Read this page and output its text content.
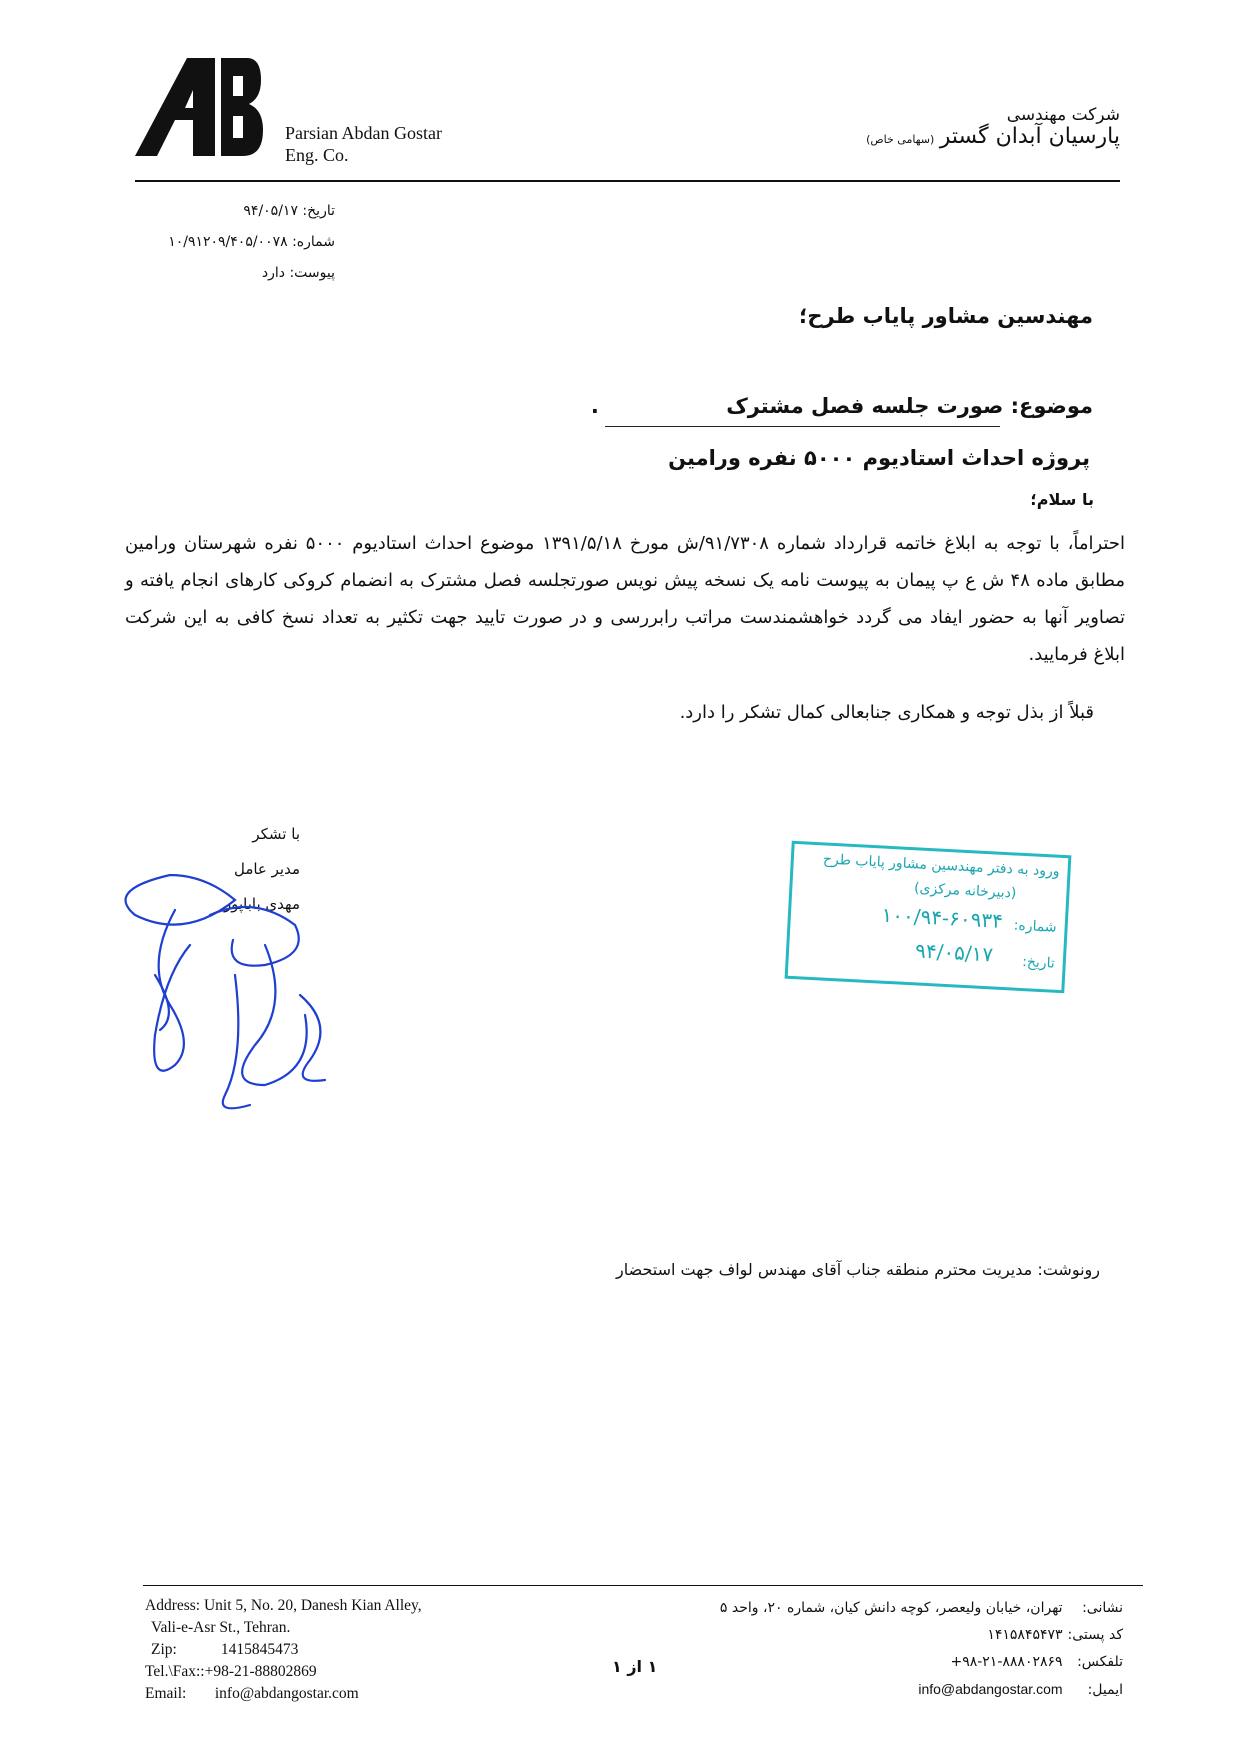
Parsian Abdan Gostar
Eng. Co.
شرکت مهندسی
پارسیان آبدان گستر (سهامی خاص)
تاریخ: ۹۴/۰۵/۱۷
شماره: ۱۰/۹۱۲۰۹/۴۰۵/۰۰۷۸
پیوست: دارد
مهندسین مشاور پایاب طرح؛
موضوع: صورت جلسه فصل مشترک .
پروژه احداث استادیوم ۵۰۰۰ نفره ورامین
با سلام؛
احتراماً، با توجه به ابلاغ خاتمه قرارداد شماره ۹۱/۷۳۰۸/ش مورخ ۱۳۹۱/۵/۱۸ موضوع احداث استادیوم ۵۰۰۰ نفره شهرستان ورامین مطابق ماده ۴۸ ش ع پ پیمان به پیوست نامه یک نسخه پیش نویس صورتجلسه فصل مشترک به انضمام کروکی کارهای انجام یافته و تصاویر آنها به حضور ایفاد می گردد خواهشمندست مراتب رابررسی و در صورت تایید جهت تکثیر به تعداد نسخ کافی به این شرکت ابلاغ فرمایید.
قبلاً از بذل توجه و همکاری جنابعالی کمال تشکر را دارد.
با تشکر
مدیر عامل
مهدی باباپور
ورود به دفتر مهندسین مشاور پایاب طرح
(دبیرخانه مرکزی)
شماره:
۱۰۰/۹۴-۶۰۹۳۴
تاریخ:
۹۴/۰۵/۱۷
رونوشت: مدیریت محترم منطقه جناب آقای مهندس لواف جهت استحضار
Address: Unit 5, No. 20, Danesh Kian Alley,
Vali-e-Asr St., Tehran.
Zip:	1415845473
Tel.\Fax::+98-21-88802869
Email: info@abdangostar.com
نشانی: تهران، خیابان ولیعصر، کوچه دانش کیان، شماره ۲۰، واحد ۵
کد پستی: ۱۴۱۵۸۴۵۴۷۳
تلفکس: +۹۸-۲۱-۸۸۸۰۲۸۶۹
ایمیل: info@abdangostar.com
۱ از ۱
